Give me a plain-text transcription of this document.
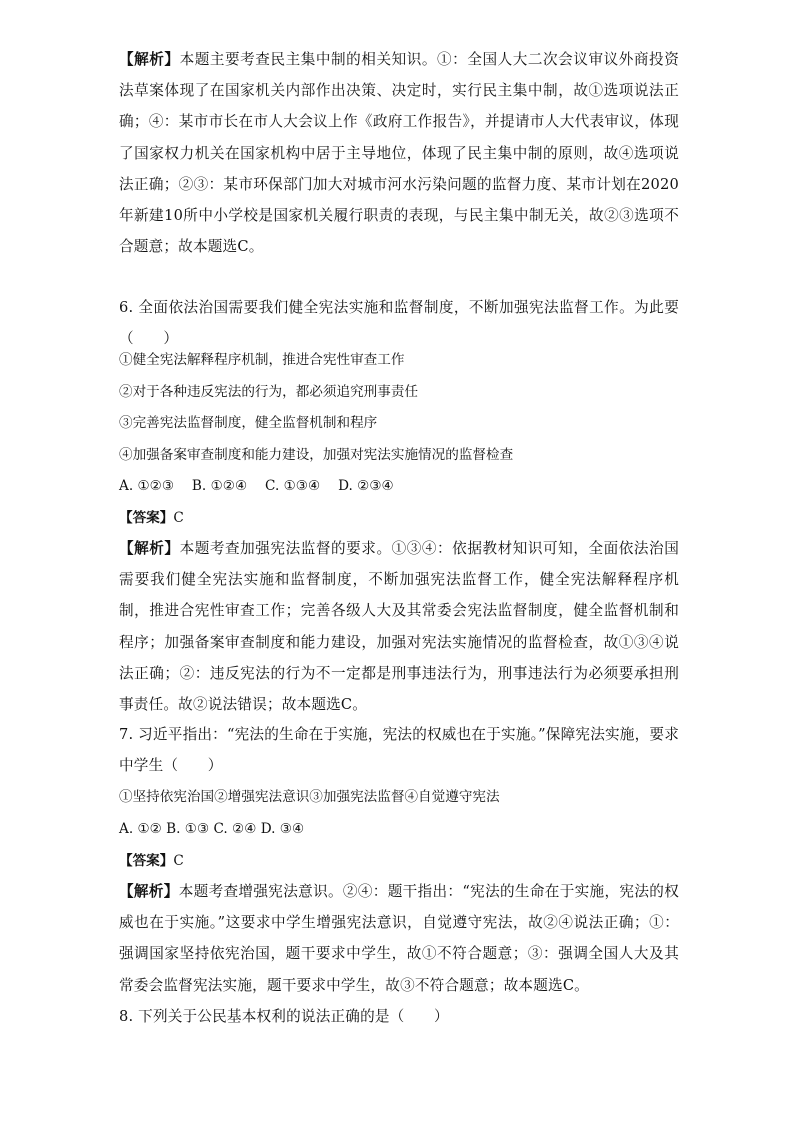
【解析】本题主要考查民主集中制的相关知识。①：全国人大二次会议审议外商投资法草案体现了在国家机关内部作出决策、决定时，实行民主集中制，故①选项说法正确；④：某市市长在市人大会议上作《政府工作报告》，并提请市人大代表审议，体现了国家权力机关在国家机构中居于主导地位，体现了民主集中制的原则，故④选项说法正确；②③：某市环保部门加大对城市河水污染问题的监督力度、某市计划在2020年新建10所中小学校是国家机关履行职责的表现，与民主集中制无关，故②③选项不合题意；故本题选C。
6. 全面依法治国需要我们健全宪法实施和监督制度，不断加强宪法监督工作。为此要（　　）
①健全宪法解释程序机制，推进合宪性审查工作
②对于各种违反宪法的行为，都必须追究刑事责任
③完善宪法监督制度，健全监督机制和程序
④加强备案审查制度和能力建设，加强对宪法实施情况的监督检查
A. ①②③　 B. ①②④　 C. ①③④　 D. ②③④
【答案】C
【解析】本题考查加强宪法监督的要求。①③④：依据教材知识可知，全面依法治国需要我们健全宪法实施和监督制度，不断加强宪法监督工作，健全宪法解释程序机制，推进合宪性审查工作；完善各级人大及其常委会宪法监督制度，健全监督机制和程序；加强备案审查制度和能力建设，加强对宪法实施情况的监督检查，故①③④说法正确；②：违反宪法的行为不一定都是刑事违法行为，刑事违法行为必须要承担刑事责任。故②说法错误；故本题选C。
7. 习近平指出：“宪法的生命在于实施，宪法的权威也在于实施。”保障宪法实施，要求中学生（　　）
①坚持依宪治国②增强宪法意识③加强宪法监督④自觉遵守宪法
A. ①② B. ①③ C. ②④ D. ③④
【答案】C
【解析】本题考查增强宪法意识。②④：题干指出：“宪法的生命在于实施，宪法的权威也在于实施。”这要求中学生增强宪法意识，自觉遵守宪法，故②④说法正确；①：强调国家坚持依宪治国，题干要求中学生，故①不符合题意；③：强调全国人大及其常委会监督宪法实施，题干要求中学生，故③不符合题意；故本题选C。
8. 下列关于公民基本权利的说法正确的是（　　）
